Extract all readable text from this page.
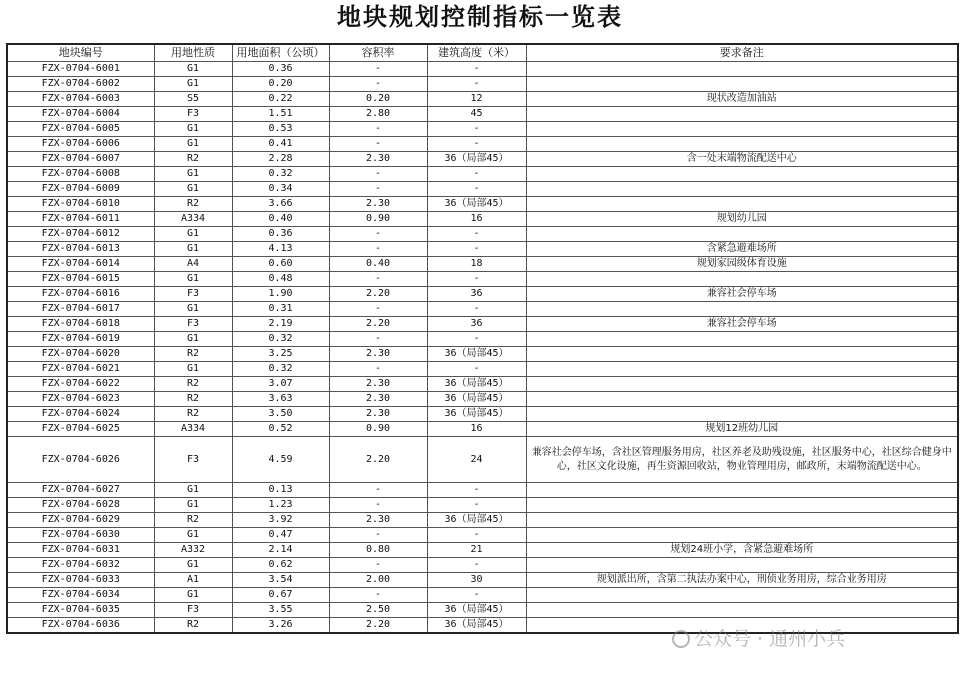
地块规划控制指标一览表
地块编号	用地性质	用地面积（公顷）	容积率	建筑高度（米）	要求备注
FZX-0704-6001	G1	0.36	-	-	
FZX-0704-6002	G1	0.20	-	-	
FZX-0704-6003	S5	0.22	0.20	12	现状改造加油站
FZX-0704-6004	F3	1.51	2.80	45	
FZX-0704-6005	G1	0.53	-	-	
FZX-0704-6006	G1	0.41	-	-	
FZX-0704-6007	R2	2.28	2.30	36（局部45）	含一处末端物流配送中心
FZX-0704-6008	G1	0.32	-	-	
FZX-0704-6009	G1	0.34	-	-	
FZX-0704-6010	R2	3.66	2.30	36（局部45）	
FZX-0704-6011	A334	0.40	0.90	16	规划幼儿园
FZX-0704-6012	G1	0.36	-	-	
FZX-0704-6013	G1	4.13	-	-	含紧急避难场所
FZX-0704-6014	A4	0.60	0.40	18	规划家园级体育设施
FZX-0704-6015	G1	0.48	-	-	
FZX-0704-6016	F3	1.90	2.20	36	兼容社会停车场
FZX-0704-6017	G1	0.31	-	-	
FZX-0704-6018	F3	2.19	2.20	36	兼容社会停车场
FZX-0704-6019	G1	0.32	-	-	
FZX-0704-6020	R2	3.25	2.30	36（局部45）	
FZX-0704-6021	G1	0.32	-	-	
FZX-0704-6022	R2	3.07	2.30	36（局部45）	
FZX-0704-6023	R2	3.63	2.30	36（局部45）	
FZX-0704-6024	R2	3.50	2.30	36（局部45）	
FZX-0704-6025	A334	0.52	0.90	16	规划12班幼儿园
FZX-0704-6026	F3	4.59	2.20	24	兼容社会停车场，含社区管理服务用房，社区养老及助残设施，社区服务中心，社区综合健身中心，社区文化设施，再生资源回收站，物业管理用房，邮政所，末端物流配送中心。
FZX-0704-6027	G1	0.13	-	-	
FZX-0704-6028	G1	1.23	-	-	
FZX-0704-6029	R2	3.92	2.30	36（局部45）	
FZX-0704-6030	G1	0.47	-	-	
FZX-0704-6031	A332	2.14	0.80	21	规划24班小学，含紧急避难场所
FZX-0704-6032	G1	0.62	-	-	
FZX-0704-6033	A1	3.54	2.00	30	规划派出所，含第二执法办案中心，刑侦业务用房，综合业务用房
FZX-0704-6034	G1	0.67	-	-	
FZX-0704-6035	F3	3.55	2.50	36（局部45）	
FZX-0704-6036	R2	3.26	2.20	36（局部45）	
公众号 · 通州小兵
